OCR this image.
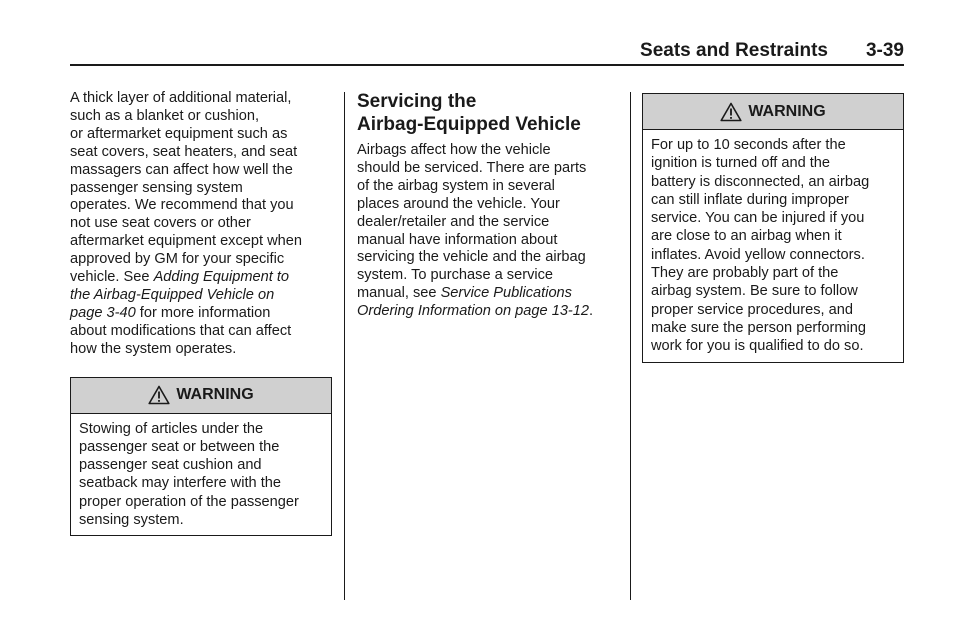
Seats and Restraints 3-39

A thick layer of additional material,

such as a blanket or cushion,

or aftermarket equipment such as

seat covers, seat heaters, and seat

massagers can affect how well the

passenger sensing system

operates. We recommend that you

not use seat covers or other

aftermarket equipment except when

approved by GM for your specific

vehicle. See Adding Equipment to

the Airbag-Equipped Vehicle on

page 3-40 for more information

about modifications that can affect

how the system operates.

WARNING

Stowing of articles under the

passenger seat or between the

passenger seat cushion and

seatback may interfere with the

proper operation of the passenger

sensing system.

Servicing the
Airbag-Equipped Vehicle

Airbags affect how the vehicle

should be serviced. There are parts

of the airbag system in several

places around the vehicle. Your

dealer/retailer and the service

manual have information about

servicing the vehicle and the airbag

system. To purchase a service

manual, see Service Publications

Ordering Information on page 13-12.

WARNING

For up to 10 seconds after the

ignition is turned off and the

battery is disconnected, an airbag

can still inflate during improper

service. You can be injured if you

are close to an airbag when it

inflates. Avoid yellow connectors.

They are probably part of the

airbag system. Be sure to follow

proper service procedures, and

make sure the person performing

work for you is qualified to do so.
